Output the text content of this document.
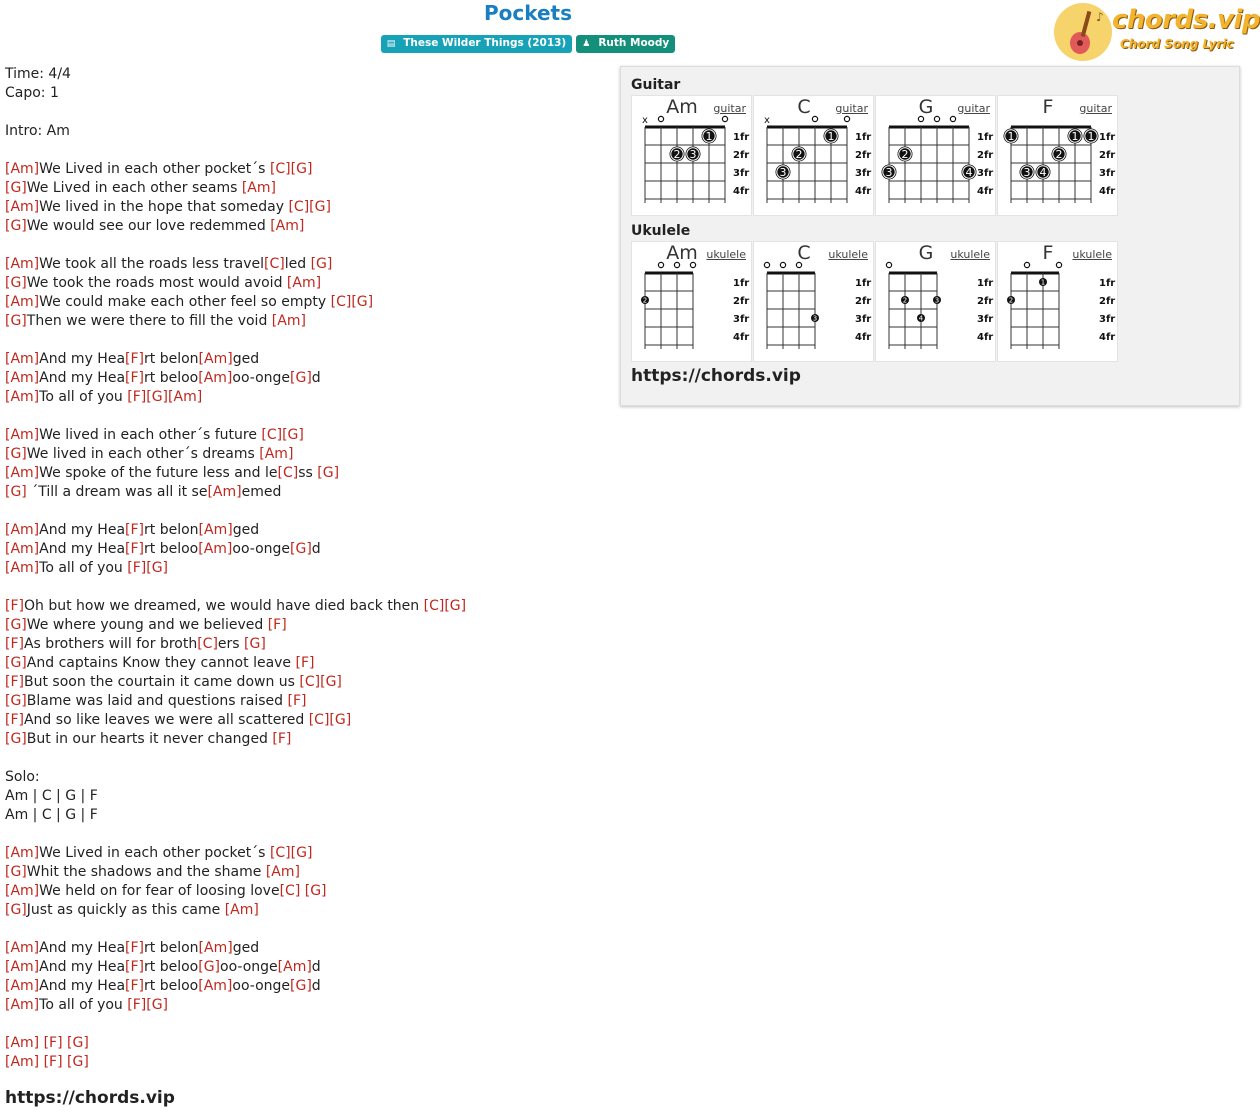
Pockets
▤ These Wilder Things (2013) ♟ Ruth Moody
♪ chords.vip
Chord Song Lyric
Time: 4/4
Capo: 1
Intro: Am
[Am]We Lived in each other pocket´s [C][G]
[G]We Lived in each other seams [Am]
[Am]We lived in the hope that someday [C][G]
[G]We would see our love redemmed [Am]
[Am]We took all the roads less travel[C]led [G]
[G]We took the roads most would avoid [Am]
[Am]We could make each other feel so empty [C][G]
[G]Then we were there to fill the void [Am]
[Am]And my Hea[F]rt belon[Am]ged
[Am]And my Hea[F]rt beloo[Am]oo-onge[G]d
[Am]To all of you [F][G][Am]
[Am]We lived in each other´s future [C][G]
[G]We lived in each other´s dreams [Am]
[Am]We spoke of the future less and le[C]ss [G]
[G] ´Till a dream was all it se[Am]emed
[Am]And my Hea[F]rt belon[Am]ged
[Am]And my Hea[F]rt beloo[Am]oo-onge[G]d
[Am]To all of you [F][G]
[F]Oh but how we dreamed, we would have died back then [C][G]
[G]We where young and we believed [F]
[F]As brothers will for broth[C]ers [G]
[G]And captains Know they cannot leave [F]
[F]But soon the courtain it came down us [C][G]
[G]Blame was laid and questions raised [F]
[F]And so like leaves we were all scattered [C][G]
[G]But in our hearts it never changed [F]
Solo:
Am | C | G | F
Am | C | G | F
[Am]We Lived in each other pocket´s [C][G]
[G]Whit the shadows and the shame [Am]
[Am]We held on for fear of loosing love[C] [G]
[G]Just as quickly as this came [Am]
[Am]And my Hea[F]rt belon[Am]ged
[Am]And my Hea[F]rt beloo[G]oo-onge[Am]d
[Am]And my Hea[F]rt beloo[Am]oo-onge[G]d
[Am]To all of you [F][G]
[Am] [F] [G]
[Am] [F] [G]
https://chords.vip
Guitar
Am	guitar
x
1
2 3
1fr
2fr
3fr
4fr
C	guitar
x
1
2
3
1fr
2fr
3fr
4fr
G	guitar
2
3	4
1fr
2fr
3fr
4fr
F	guitar
1	1 1
2
3 4
1fr
2fr
3fr
4fr
Ukulele
Am ukulele
2
1fr
2fr
3fr
4fr
C	ukulele
3
1fr
2fr
3fr
4fr
G	ukulele
2	3
4
1fr
2fr
3fr
4fr
F	ukulele
1
2
1fr
2fr
3fr
4fr
https://chords.vip
